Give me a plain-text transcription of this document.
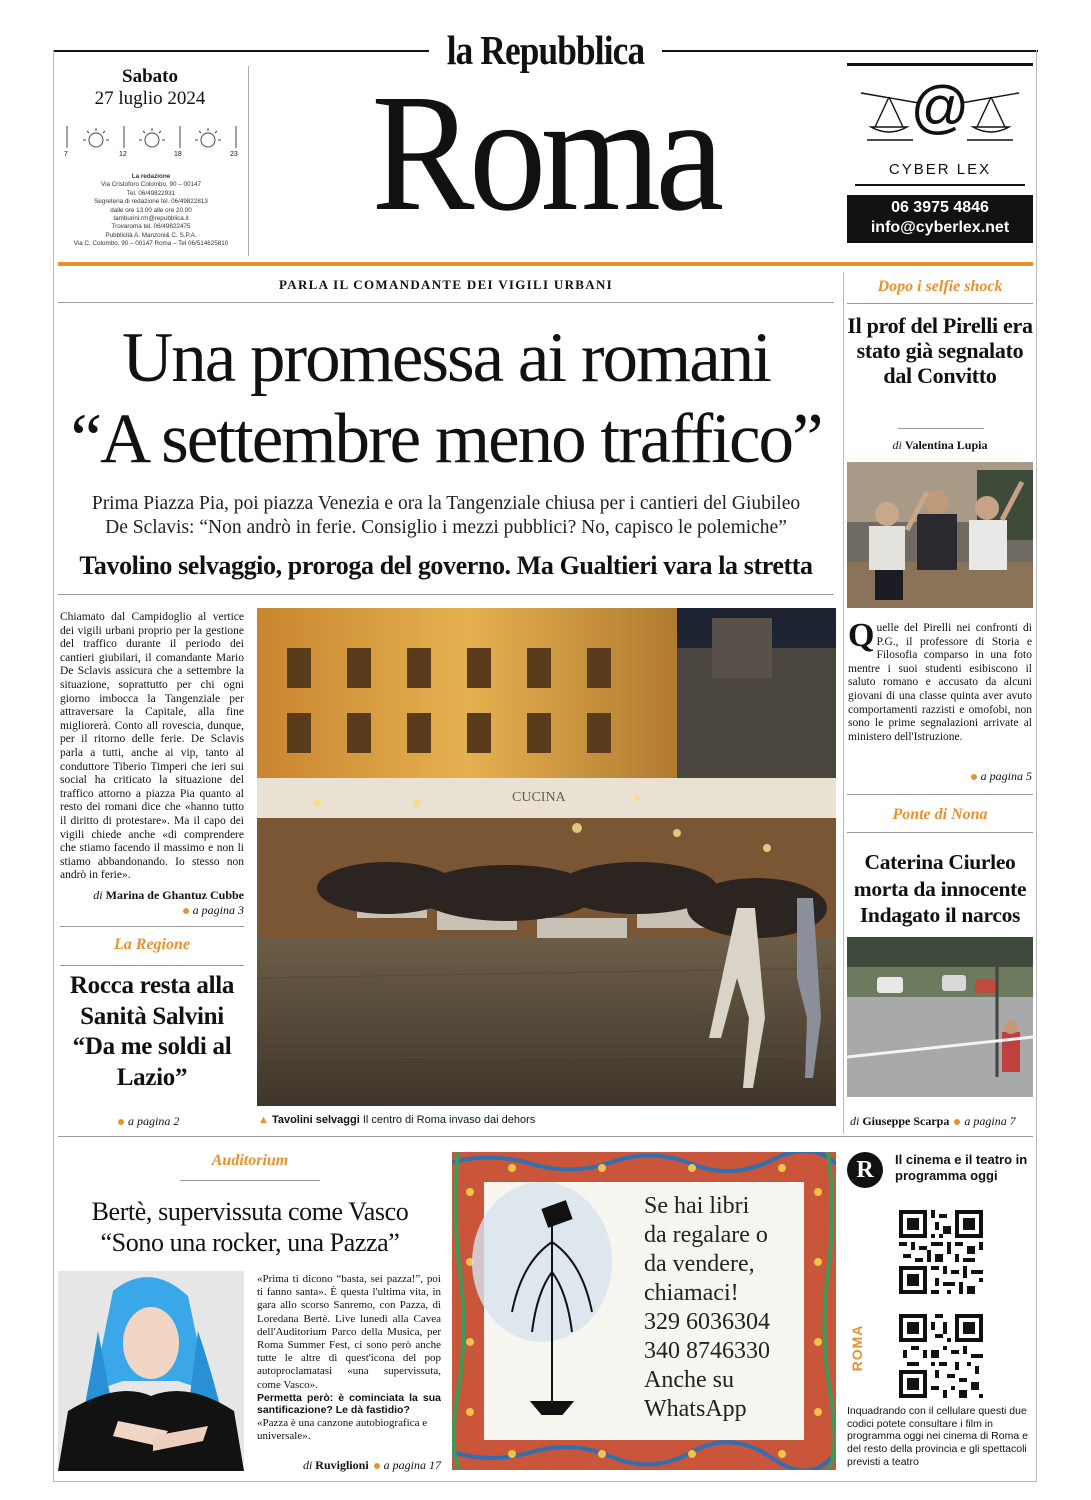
la Repubblica
Sabato
27 luglio 2024
7	12	18	23
La redazione
Via Cristoforo Colombo, 90 – 00147
Tel. 06/49822931
Segreteria di redazione tel. 06/49822813
dalle ore 13.00 alle ore 20.00
tamburini.rm@repubblica.it
Trovaroma tel. 06/49822475
Pubblicità A. Manzoni& C. S.P.A.
Via C. Colombo, 90 – 00147 Roma – Tel 06/514625810 Roma	@
CYBER LEX
06 3975 4846
info@cyberlex.net
PARLA IL COMANDANTE DEI VIGILI URBANI
Una promessa ai romani
“A settembre meno traffico”
Prima Piazza Pia, poi piazza Venezia e ora la Tangenziale chiusa per i cantieri del Giubileo
De Sclavis: “Non andrò in ferie. Consiglio i mezzi pubblici? No, capisco le polemiche”
Tavolino selvaggio, proroga del governo. Ma Gualtieri vara la stretta
Chiamato dal Campidoglio al vertice dei vigili urbani proprio per la gestione del traffico durante il periodo dei cantieri giubilari, il comandante Mario De Sclavis assicura che a settembre la situazione, soprattutto per chi ogni giorno imbocca la Tangenziale per attraversare la Capitale, alla fine migliorerà. Conto all rovescia, dunque, per il ritorno delle ferie. De Sclavis parla a tutti, anche ai vip, tanto al conduttore Tiberio Timperi che ieri sui social ha criticato la situazione del traffico attorno a piazza Pia quanto al resto dei romani dice che «hanno tutto il diritto di protestare». Ma il capo dei vigili chiede anche «di comprendere che stiamo facendo il massimo e non li stiamo abbandonando. Io stesso non andrò in ferie».
di Marina de Ghantuz Cubbe
a pagina 3
CUCINA
▲ Tavolini selvaggi Il centro di Roma invaso dai dehors
La Regione
Rocca resta alla Sanità Salvini “Da me soldi al Lazio”
a pagina 2
Dopo i selfie shock
Il prof del Pirelli era stato già segnalato dal Convitto
di Valentina Lupia
Quelle del Pirelli nei confronti di P.G., il professore di Storia e Filosofia comparso in una foto mentre i suoi studenti esibiscono il saluto romano e accusato da alcuni giovani di una classe quinta aver avuto comportamenti razzisti e omofobi, non sono le prime segnalazioni arrivate al ministero dell'Istruzione.
a pagina 5
Ponte di Nona
Caterina Ciurleo morta da innocente Indagato il narcos
di Giuseppe Scarpa a pagina 7
Auditorium
Bertè, supervissuta come Vasco
“Sono una rocker, una Pazza”
«Prima ti dicono “basta, sei pazza!”, poi ti fanno santa». È questa l'ultima vita, in gara allo scorso Sanremo, con Pazza, di Loredana Bertè. Live lunedì alla Cavea dell'Auditorium Parco della Musica, per Roma Summer Fest, ci sono però anche tutte le altre di quest'icona del pop autoproclamatasi «una supervissuta, come Vasco».
Permetta però: è cominciata la sua santificazione? Le dà fastidio?
«Pazza è una canzone autobiografica e universale».
di Ruviglioni a pagina 17
Se hai libri
da regalare o
da vendere,
chiamaci!
329 6036304
340 8746330
Anche su
WhatsApp
R	Il cinema e il teatro in programma oggi
ROMA
Inquadrando con il cellulare questi due codici potete consultare i film in programma oggi nei cinema di Roma e del resto della provincia e gli spettacoli previsti a teatro
